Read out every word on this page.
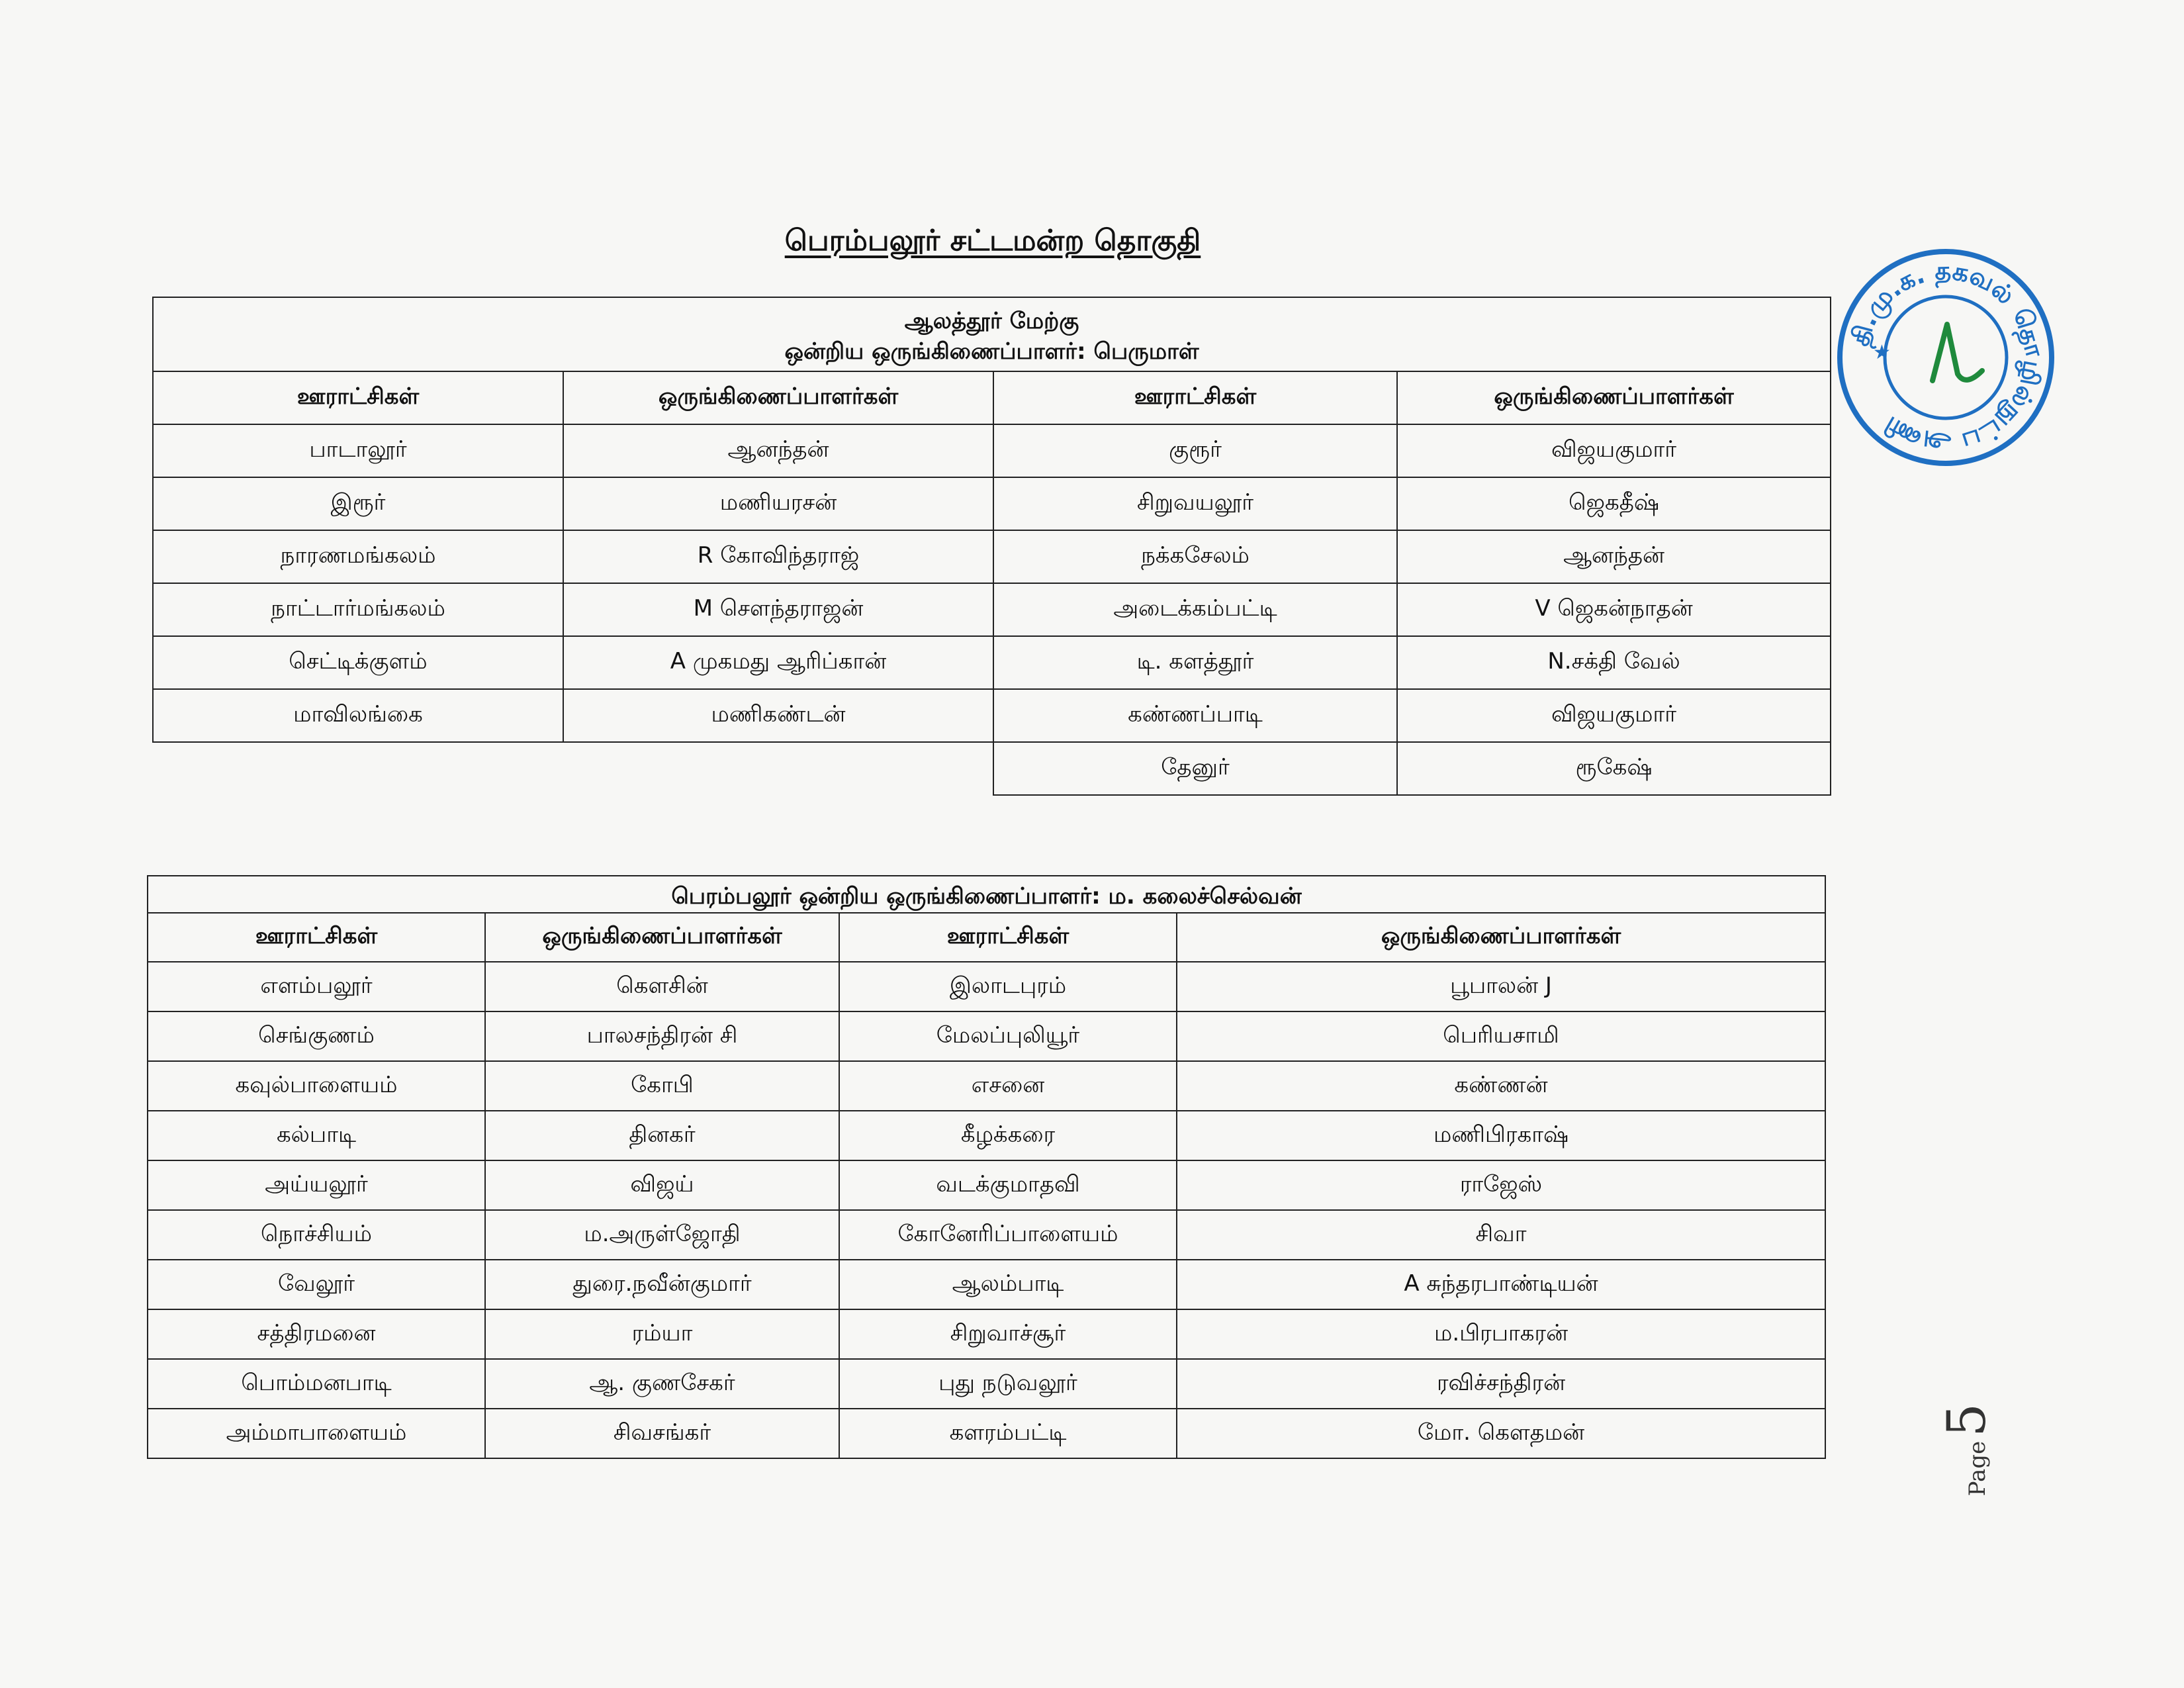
பெரம்பலூர் சட்டமன்ற தொகுதி
ஆலத்தூர் மேற்கு
ஒன்றிய ஒருங்கிணைப்பாளர்: பெருமாள்			

ஊராட்சிகள்	ஒருங்கிணைப்பாளர்கள்	ஊராட்சிகள்	ஒருங்கிணைப்பாளர்கள்
பாடாலூர்	ஆனந்தன்	குரூர்	விஜயகுமார்
இரூர்	மணியரசன்	சிறுவயலூர்	ஜெகதீஷ்
நாரணமங்கலம்	R கோவிந்தராஜ்	நக்கசேலம்	ஆனந்தன்
நாட்டார்மங்கலம்	M சௌந்தராஜன்	அடைக்கம்பட்டி	V ஜெகன்நாதன்
செட்டிக்குளம்	A முகமது ஆரிப்கான்	டி. களத்தூர்	N.சக்தி வேல்
மாவிலங்கை	மணிகண்டன்	கண்ணப்பாடி	விஜயகுமார்
		தேனுர்	ரூகேஷ்
பெரம்பலூர் ஒன்றிய ஒருங்கிணைப்பாளர்: ம. கலைச்செல்வன்			
ஊராட்சிகள்	ஒருங்கிணைப்பாளர்கள்	ஊராட்சிகள்	ஒருங்கிணைப்பாளர்கள்
எளம்பலூர்	கௌசின்	இலாடபுரம்	பூபாலன் J
செங்குணம்	பாலசந்திரன் சி	மேலப்புலியூர்	பெரியசாமி
கவுல்பாளையம்	கோபி	எசனை	கண்ணன்
கல்பாடி	தினகர்	கீழக்கரை	மணிபிரகாஷ்
அய்யலூர்	விஜய்	வடக்குமாதவி	ராஜேஸ்
நொச்சியம்	ம.அருள்ஜோதி	கோனேரிப்பாளையம்	சிவா
வேலூர்	துரை.நவீன்குமார்	ஆலம்பாடி	A சுந்தரபாண்டியன்
சத்திரமனை	ரம்யா	சிறுவாச்சூர்	ம.பிரபாகரன்
பொம்மனபாடி	ஆ. குணசேகர்	புது நடுவலூர்	ரவிச்சந்திரன்
அம்மாபாளையம்	சிவசங்கர்	களரம்பட்டி	மோ. கௌதமன்
தி.மு.க. தகவல் தொழில்நுட்ப அணி
★
Page
5
